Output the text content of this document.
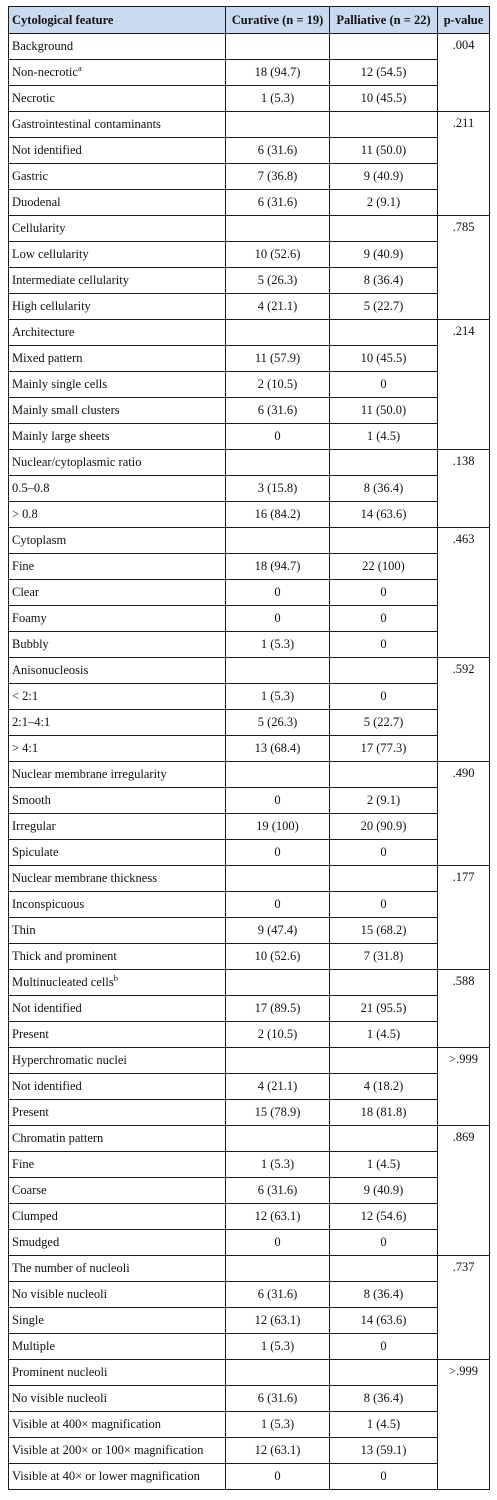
Cytological feature	Curative (n = 19)	Palliative (n = 22)	p-value
Background			.004
Non-necrotic$^a$	18 (94.7)	12 (54.5)	
Necrotic	1 (5.3)	10 (45.5)	
Gastrointestinal contaminants			.211
Not identified	6 (31.6)	11 (50.0)	
Gastric	7 (36.8)	9 (40.9)	
Duodenal	6 (31.6)	2 (9.1)	
Cellularity			.785
Low cellularity	10 (52.6)	9 (40.9)	
Intermediate cellularity	5 (26.3)	8 (36.4)	
High cellularity	4 (21.1)	5 (22.7)	
Architecture			.214
Mixed pattern	11 (57.9)	10 (45.5)	
Mainly single cells	2 (10.5)	0	
Mainly small clusters	6 (31.6)	11 (50.0)	
Mainly large sheets	0	1 (4.5)	
Nuclear/cytoplasmic ratio			.138
0.5–0.8	3 (15.8)	8 (36.4)	
> 0.8	16 (84.2)	14 (63.6)	
Cytoplasm			.463
Fine	18 (94.7)	22 (100)	
Clear	0	0	
Foamy	0	0	
Bubbly	1 (5.3)	0	
Anisonucleosis			.592
< 2:1	1 (5.3)	0	
2:1–4:1	5 (26.3)	5 (22.7)	
> 4:1	13 (68.4)	17 (77.3)	
Nuclear membrane irregularity			.490
Smooth	0	2 (9.1)	
Irregular	19 (100)	20 (90.9)	
Spiculate	0	0	
Nuclear membrane thickness			.177
Inconspicuous	0	0	
Thin	9 (47.4)	15 (68.2)	
Thick and prominent	10 (52.6)	7 (31.8)	
Multinucleated cells$^b$			.588
Not identified	17 (89.5)	21 (95.5)	
Present	2 (10.5)	1 (4.5)	
Hyperchromatic nuclei			>.999
Not identified	4 (21.1)	4 (18.2)	
Present	15 (78.9)	18 (81.8)	
Chromatin pattern			.869
Fine	1 (5.3)	1 (4.5)	
Coarse	6 (31.6)	9 (40.9)	
Clumped	12 (63.1)	12 (54.6)	
Smudged	0	0	
The number of nucleoli			.737
No visible nucleoli	6 (31.6)	8 (36.4)	
Single	12 (63.1)	14 (63.6)	
Multiple	1 (5.3)	0	
Prominent nucleoli			>.999
No visible nucleoli	6 (31.6)	8 (36.4)	
Visible at 400× magnification	1 (5.3)	1 (4.5)	
Visible at 200× or 100× magnification	12 (63.1)	13 (59.1)	
Visible at 40× or lower magnification	0	0	
